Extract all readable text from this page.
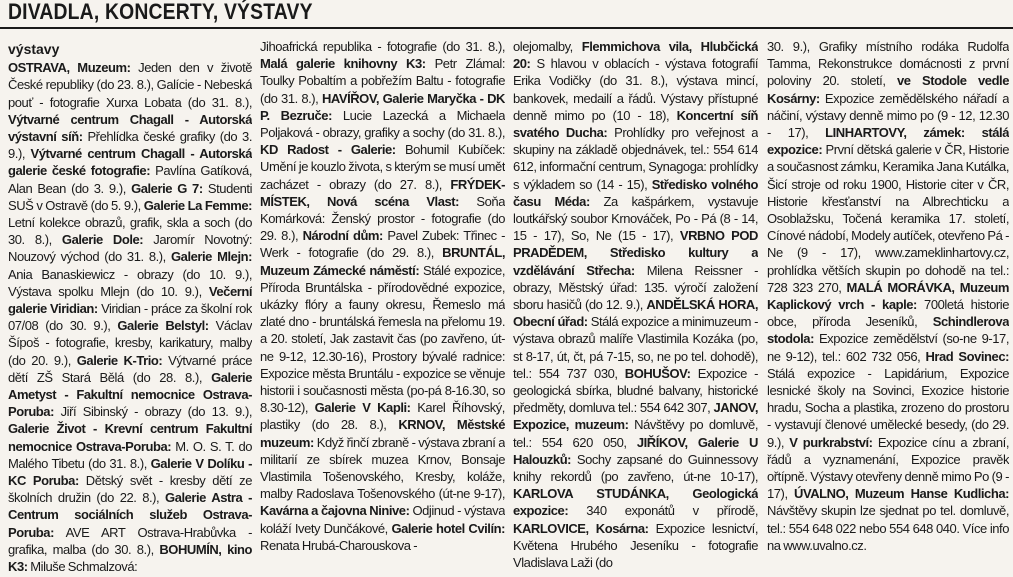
DIVADLA, KONCERTY, VÝSTAVY
výstavy

OSTRAVA, Muzeum: Jeden den v životě České republiky (do 23. 8.), Galície - Nebeská pouť - fotografie Xurxa Lobata (do 31. 8.), Výtvarné centrum Chagall - Autorská výstavní síň: Přehlídka české grafiky (do 3. 9.), Výtvarné centrum Chagall - Autorská galerie české fotografie: Pavlína Gatíková, Alan Bean (do 3. 9.), Galerie G 7: Studenti SUŠ v Ostravě (do 5. 9.), Galerie La Femme: Letní kolekce obrazů, grafik, skla a soch (do 30. 8.), Galerie Dole: Jaromír Novotný: Nouzový východ (do 31. 8.), Galerie Mlejn: Ania Banaskiewicz - obrazy (do 10. 9.), Výstava spolku Mlejn (do 10. 9.), Večerní galerie Viridian: Viridian - práce za školní rok 07/08 (do 30. 9.), Galerie Belstyl: Václav Šípoš - fotografie, kresby, karikatury, malby (do 20. 9.), Galerie K-Trio: Výtvarné práce dětí ZŠ Stará Bělá (do 28. 8.), Galerie Ametyst - Fakultní nemocnice Ostrava-Poruba: Jiří Sibinský - obrazy (do 13. 9.), Galerie Život - Krevní centrum Fakultní nemocnice Ostrava-Poruba: M. O. S. T. do Malého Tibetu (do 31. 8.), Galerie V Dolíku - KC Poruba: Dětský svět - kresby dětí ze školních družin (do 22. 8.), Galerie Astra - Centrum sociálních služeb Ostrava-Poruba: AVE ART Ostrava-Hrabůvka - grafika, malba (do 30. 8.), BOHUMÍN, kino K3: Miluše Schmalzová:

Jihoafrická republika - fotografie (do 31. 8.), Malá galerie knihovny K3: Petr Zlámal: Toulky Pobaltím a pobřežím Baltu - fotografie (do 31. 8.), HAVÍŘOV, Galerie Maryčka - DK P. Bezruče: Lucie Lazecká a Michaela Poljaková - obrazy, grafiky a sochy (do 31. 8.), KD Radost - Galerie: Bohumil Kubíček: Umění je kouzlo života, s kterým se musí umět zacházet - obrazy (do 27. 8.), FRÝDEK-MÍSTEK, Nová scéna Vlast: Soňa Komárková: Ženský prostor - fotografie (do 29. 8.), Národní dům: Pavel Zubek: Třinec - Werk - fotografie (do 29. 8.), BRUNTÁL, Muzeum Zámecké náměstí: Stálé expozice, Příroda Bruntálska - přírodovědné expozice, ukázky flóry a fauny okresu, Řemeslo má zlaté dno - bruntálská řemesla na přelomu 19. a 20. století, Jak zastavit čas (po zavřeno, út-ne 9-12, 12.30-16), Prostory bývalé radnice: Expozice města Bruntálu - expozice se věnuje historii i současnosti města (po-pá 8-16.30, so 8.30-12), Galerie V Kapli: Karel Říhovský, plastiky (do 28. 8.), KRNOV, Městské muzeum: Když řinčí zbraně - výstava zbraní a militarií ze sbírek muzea Krnov, Bonsaje Vlastimila Tošenovského, Kresby, koláže, malby Radoslava Tošenovského (út-ne 9-17), Kavárna a čajovna Ninive: Odjinud - výstava koláží Ivety Dunčákové, Galerie hotel Cvilín: Renata Hrubá-Charouskova -

olejomalby, Flemmichova vila, Hlubčická 20: S hlavou v oblacích - výstava fotografií Erika Vodičky (do 31. 8.), výstava mincí, bankovek, medailí a řádů. Výstavy přístupné denně mimo po (10 - 18), Koncertní síň svatého Ducha: Prohlídky pro veřejnost a skupiny na základě objednávek, tel.: 554 614 612, informační centrum, Synagoga: prohlídky s výkladem so (14 - 15), Středisko volného času Méda: Za kašpárkem, vystavuje loutkářský soubor Krnováček, Po - Pá (8 - 14, 15 - 17), So, Ne (15 - 17), VRBNO POD PRADĚDEM, Středisko kultury a vzdělávání Střecha: Milena Reissner - obrazy, Městský úřad: 135. výročí založení sboru hasičů (do 12. 9.), ANDĚLSKÁ HORA, Obecní úřad: Stálá expozice a minimuzeum - výstava obrazů malíře Vlastimila Kozáka (po, st 8-17, út, čt, pá 7-15, so, ne po tel. dohodě), tel.: 554 737 030, BOHUŠOV: Expozice - geologická sbírka, bludné balvany, historické předměty, domluva tel.: 554 642 307, JANOV, Expozice, muzeum: Návštěvy po domluvě, tel.: 554 620 050, JIŘÍKOV, Galerie U Halouzků: Sochy zapsané do Guinnessovy knihy rekordů (po zavřeno, út-ne 10-17), KARLOVA STUDÁNKA, Geologická expozice: 340 exponátů v přírodě, KARLOVICE, Kosárna: Expozice lesnictví, Květena Hrubého Jeseníku - fotografie Vladislava Laži (do

30. 9.), Grafiky místního rodáka Rudolfa Tamma, Rekonstrukce domácnosti z první poloviny 20. století, ve Stodole vedle Kosárny: Expozice zemědělského nářadí a náčiní, výstavy denně mimo po (9 - 12, 12.30 - 17), LINHARTOVY, zámek: stálá expozice: První dětská galerie v ČR, Historie a současnost zámku, Keramika Jana Kutálka, Šicí stroje od roku 1900, Historie citer v ČR, Historie křesťanství na Albrechticku a Osoblažsku, Točená keramika 17. století, Cínové nádobí, Modely autíček, otevřeno Pá - Ne (9 - 17), www.zameklinhartovy.cz, prohlídka větších skupin po dohodě na tel.: 728 323 270, MALÁ MORÁVKA, Muzeum Kaplickový vrch - kaple: 700letá historie obce, příroda Jeseníků, Schindlerova stodola: Expozice zemědělství (so-ne 9-17, ne 9-12), tel.: 602 732 056, Hrad Sovinec: Stálá expozice - Lapidárium, Expozice lesnické školy na Sovinci, Exozice historie hradu, Socha a plastika, zrozeno do prostoru - vystavují členové umělecké besedy, (do 29. 9.), V purkrabství: Expozice cínu a zbraní, řádů a vyznamenání, Expozice pravěk ořtípně. Výstavy otevřeny denně mimo Po (9 - 17), ÚVALNO, Muzeum Hanse Kudlicha: Návštěvy skupin lze sjednat po tel. domluvě, tel.: 554 648 022 nebo 554 648 040. Více info na www.uvalno.cz.
